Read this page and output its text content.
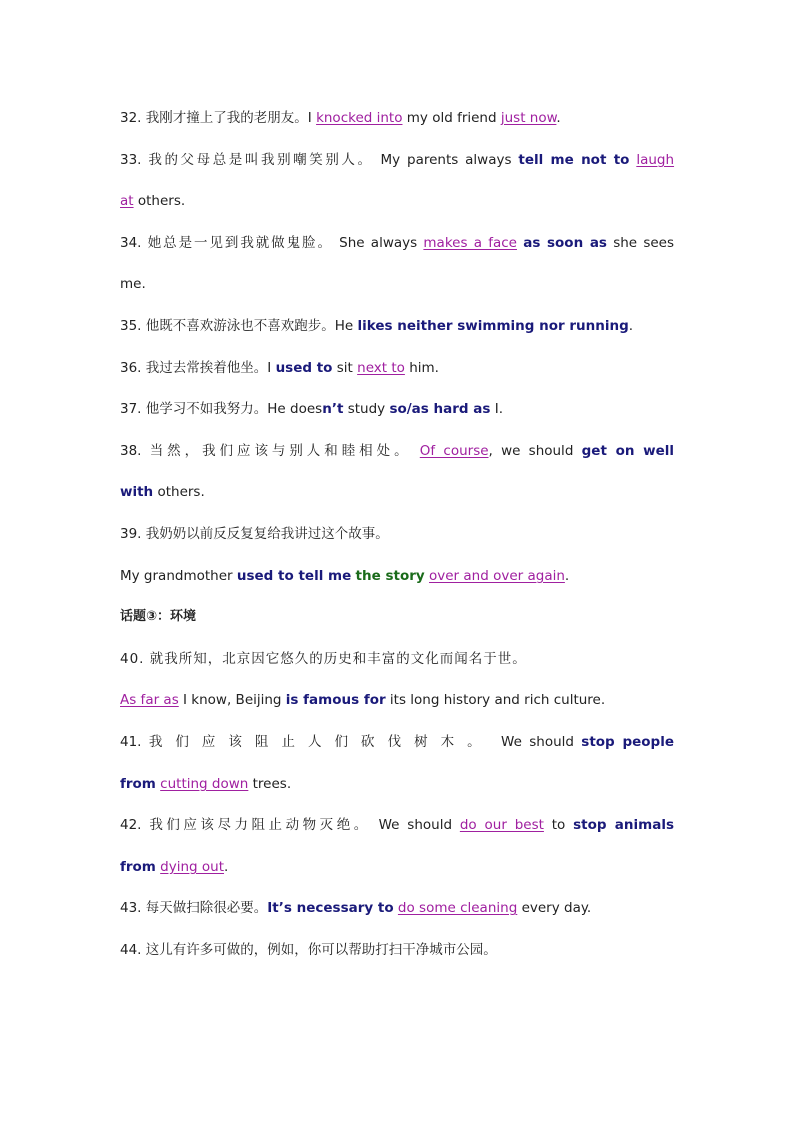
32. 我刚才撞上了我的老朋友。I knocked into my old friend just now.
33. 我的父母总是叫我别嘲笑别人。 My parents always tell me not to laugh
at others.
34. 她总是一见到我就做鬼脸。 She always makes a face as soon as she sees
me.
35. 他既不喜欢游泳也不喜欢跑步。He likes neither swimming nor running.
36. 我过去常挨着他坐。I used to sit next to him.
37. 他学习不如我努力。He doesn’t study so/as hard as I.
38. 当然，我们应该与别人和睦相处。 Of course, we should get on well
with others.
39. 我奶奶以前反反复复给我讲过这个故事。
My grandmother used to tell me the story over and over again.
话题③：环境
40. 就我所知，北京因它悠久的历史和丰富的文化而闻名于世。
As far as I know, Beijing is famous for its long history and rich culture.
41. 我们应该阻止人们砍伐树木。 We should stop people
from cutting down trees.
42. 我们应该尽力阻止动物灭绝。 We should do our best to stop animals
from dying out.
43. 每天做扫除很必要。It’s necessary to do some cleaning every day.
44. 这儿有许多可做的，例如，你可以帮助打扫干净城市公园。
